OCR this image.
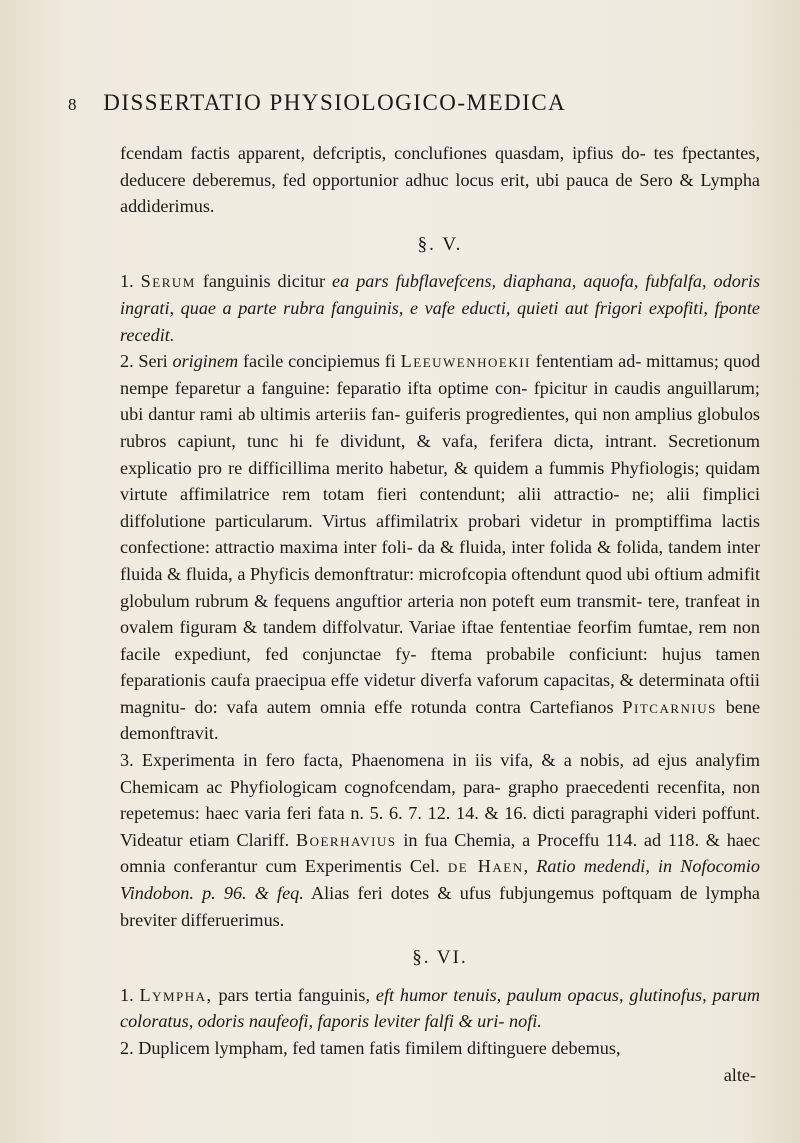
8 DISSERTATIO PHYSIOLOGICO-MEDICA

fcendam factis apparent, defcriptis, conclufiones quasdam, ipfius do- tes fpectantes, deducere deberemus, fed opportunior adhuc locus erit, ubi pauca de Sero & Lympha addiderimus.

§. V.

1. Serum fanguinis dicitur ea pars fubflavefcens, diaphana, aquofa, fubfalfa, odoris ingrati, quae a parte rubra fanguinis, e vafe educti, quieti aut frigori expofiti, fponte recedit.

2. Seri originem facile concipiemus fi Leeuwenhoekii fententiam ad- mittamus; quod nempe feparetur a fanguine: feparatio ifta optime con- fpicitur in caudis anguillarum; ubi dantur rami ab ultimis arteriis fan- guiferis progredientes, qui non amplius globulos rubros capiunt, tunc hi fe dividunt, & vafa, ferifera dicta, intrant. Secretionum explicatio pro re difficillima merito habetur, & quidem a fummis Phyfiologis; quidam virtute affimilatrice rem totam fieri contendunt; alii attractio- ne; alii fimplici diffolutione particularum. Virtus affimilatrix probari videtur in promptiffima lactis confectione: attractio maxima inter foli- da & fluida, inter folida & folida, tandem inter fluida & fluida, a Phyficis demonftratur: microfcopia oftendunt quod ubi oftium admifit globulum rubrum & fequens anguftior arteria non poteft eum transmit- tere, tranfeat in ovalem figuram & tandem diffolvatur. Variae iftae fententiae feorfim fumtae, rem non facile expediunt, fed conjunctae fy- ftema probabile conficiunt: hujus tamen feparationis caufa praecipua effe videtur diverfa vaforum capacitas, & determinata oftii magnitu- do: vafa autem omnia effe rotunda contra Cartefianos Pitcarnius bene demonftravit.

3. Experimenta in fero facta, Phaenomena in iis vifa, & a nobis, ad ejus analyfim Chemicam ac Phyfiologicam cognofcendam, para- grapho praecedenti recenfita, non repetemus: haec varia feri fata n. 5. 6. 7. 12. 14. & 16. dicti paragraphi videri poffunt. Videatur etiam Clariff. Boerhavius in fua Chemia, a Proceffu 114. ad 118. & haec omnia conferantur cum Experimentis Cel. de Haen, Ratio medendi, in Nofocomio Vindobon. p. 96. & feq. Alias feri dotes & ufus fubjungemus poftquam de lympha breviter differuerimus.

§. VI.

1. Lympha, pars tertia fanguinis, eft humor tenuis, paulum opacus, glutinofus, parum coloratus, odoris naufeofi, faporis leviter falfi & uri- nofi.

2. Duplicem lympham, fed tamen fatis fimilem diftinguere debemus,

alte-
